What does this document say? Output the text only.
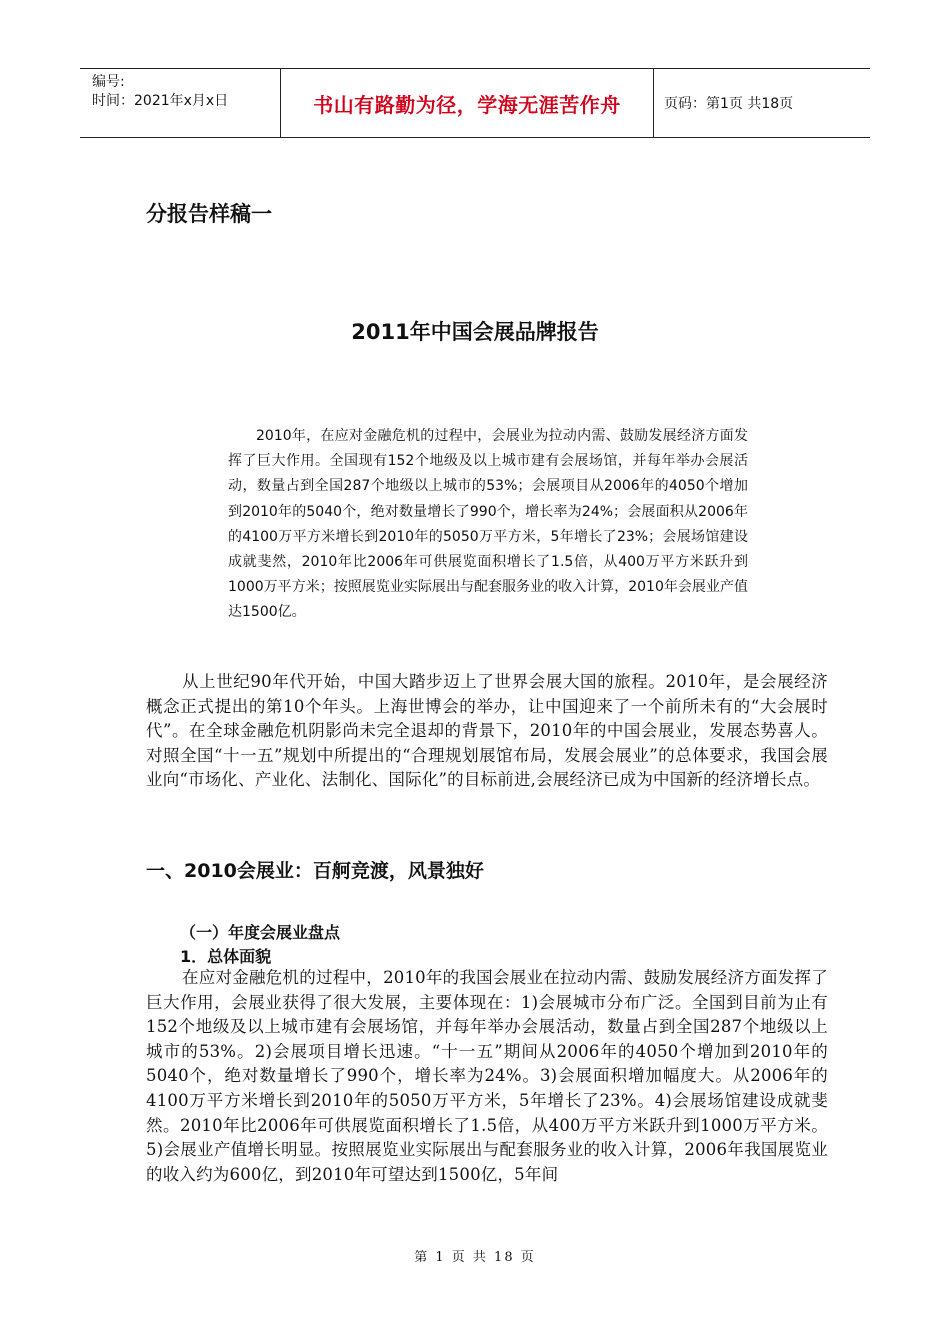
编号:
时间：2021年x月x日	书山有路勤为径，学海无涯苦作舟	页码：第1页 共18页
分报告样稿一
2011年中国会展品牌报告
2010年，在应对金融危机的过程中，会展业为拉动内需、鼓励发展经济方面发挥了巨大作用。全国现有152个地级及以上城市建有会展场馆，并每年举办会展活动，数量占到全国287个地级以上城市的53%；会展项目从2006年的4050个增加到2010年的5040个，绝对数量增长了990个，增长率为24%；会展面积从2006年的4100万平方米增长到2010年的5050万平方米，5年增长了23%；会展场馆建设成就斐然，2010年比2006年可供展览面积增长了1.5倍，从400万平方米跃升到1000万平方米；按照展览业实际展出与配套服务业的收入计算，2010年会展业产值达1500亿。
从上世纪90年代开始，中国大踏步迈上了世界会展大国的旅程。2010年，是会展经济概念正式提出的第10个年头。上海世博会的举办，让中国迎来了一个前所未有的“大会展时代”。在全球金融危机阴影尚未完全退却的背景下，2010年的中国会展业，发展态势喜人。对照全国“十一五”规划中所提出的“合理规划展馆布局，发展会展业”的总体要求，我国会展业向“市场化、产业化、法制化、国际化”的目标前进,会展经济已成为中国新的经济增长点。
一、2010会展业：百舸竞渡，风景独好
（一）年度会展业盘点
1．总体面貌
在应对金融危机的过程中，2010年的我国会展业在拉动内需、鼓励发展经济方面发挥了巨大作用，会展业获得了很大发展，主要体现在：1)会展城市分布广泛。全国到目前为止有152个地级及以上城市建有会展场馆，并每年举办会展活动，数量占到全国287个地级以上城市的53%。2)会展项目增长迅速。“十一五”期间从2006年的4050个增加到2010年的5040个，绝对数量增长了990个，增长率为24%。3)会展面积增加幅度大。从2006年的4100万平方米增长到2010年的5050万平方米，5年增长了23%。4)会展场馆建设成就斐然。2010年比2006年可供展览面积增长了1.5倍，从400万平方米跃升到1000万平方米。5)会展业产值增长明显。按照展览业实际展出与配套服务业的收入计算，2006年我国展览业的收入约为600亿，到2010年可望达到1500亿，5年间
第 1 页 共 18 页
